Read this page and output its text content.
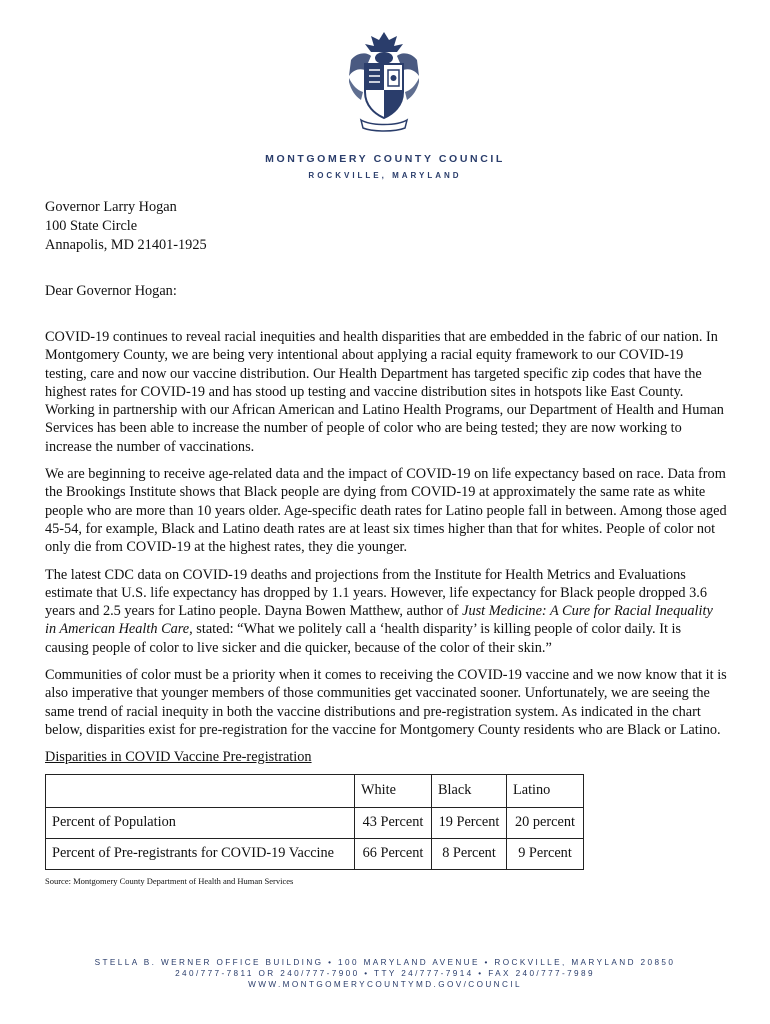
MONTGOMERY COUNTY COUNCIL
ROCKVILLE, MARYLAND
Governor Larry Hogan
100 State Circle
Annapolis, MD 21401-1925
Dear Governor Hogan:

COVID-19 continues to reveal racial inequities and health disparities that are embedded in the fabric of our nation. In Montgomery County, we are being very intentional about applying a racial equity framework to our COVID-19 testing, care and now our vaccine distribution. Our Health Department has targeted specific zip codes that have the highest rates for COVID-19 and has stood up testing and vaccine distribution sites in hotspots like East County. Working in partnership with our African American and Latino Health Programs, our Department of Health and Human Services has been able to increase the number of people of color who are being tested; they are now working to increase the number of vaccinations.

We are beginning to receive age-related data and the impact of COVID-19 on life expectancy based on race. Data from the Brookings Institute shows that Black people are dying from COVID-19 at approximately the same rate as white people who are more than 10 years older. Age-specific death rates for Latino people fall in between. Among those aged 45-54, for example, Black and Latino death rates are at least six times higher than that for whites. People of color not only die from COVID-19 at the highest rates, they die younger.

The latest CDC data on COVID-19 deaths and projections from the Institute for Health Metrics and Evaluations estimate that U.S. life expectancy has dropped by 1.1 years. However, life expectancy for Black people dropped 3.6 years and 2.5 years for Latino people. Dayna Bowen Matthew, author of Just Medicine: A Cure for Racial Inequality in American Health Care, stated: “What we politely call a ‘health disparity’ is killing people of color daily. It is causing people of color to live sicker and die quicker, because of the color of their skin.”

Communities of color must be a priority when it comes to receiving the COVID-19 vaccine and we now know that it is also imperative that younger members of those communities get vaccinated sooner. Unfortunately, we are seeing the same trend of racial inequity in both the vaccine distributions and pre-registration system. As indicated in the chart below, disparities exist for pre-registration for the vaccine for Montgomery County residents who are Black or Latino.

Disparities in COVID Vaccine Pre-registration
	White	Black	Latino
Percent of Population	43 Percent	19 Percent	20 percent
Percent of Pre-registrants for COVID-19 Vaccine	66 Percent	8 Percent	9 Percent
Source: Montgomery County Department of Health and Human Services
STELLA B. WERNER OFFICE BUILDING • 100 MARYLAND AVENUE • ROCKVILLE, MARYLAND 20850
240/777-7811 OR 240/777-7900 • TTY 24/777-7914 • FAX 240/777-7989
WWW.MONTGOMERYCOUNTYMD.GOV/COUNCIL
